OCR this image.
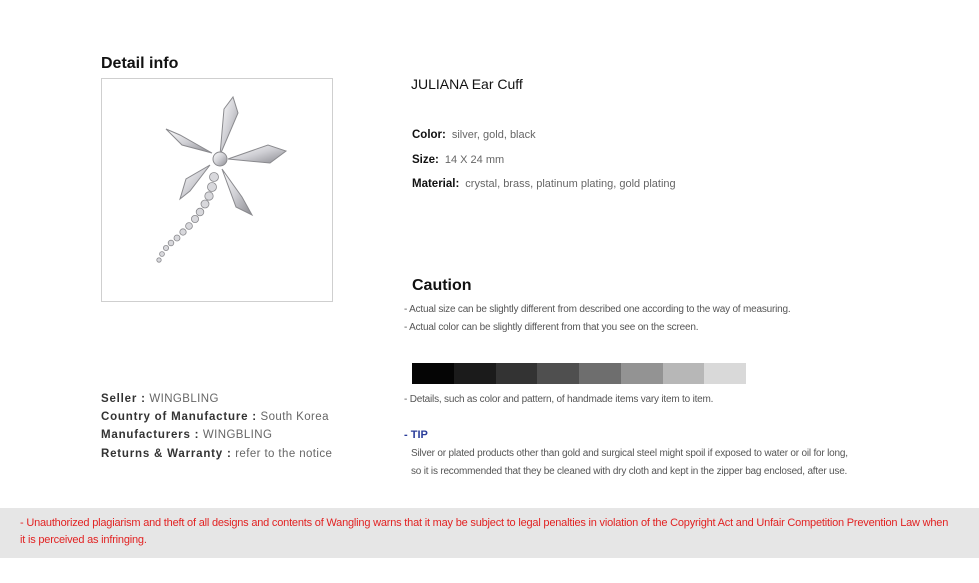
Detail info
JULIANA Ear Cuff
Color: silver, gold, black
Size: 14 X 24 mm
Material: crystal, brass, platinum plating, gold plating
Caution
- Actual size can be slightly different from described one according to the way of measuring.
- Actual color can be slightly different from that you see on the screen.
- Details, such as color and pattern, of handmade items vary item to item.
- TIP
Silver or plated products other than gold and surgical steel might spoil if exposed to water or oil for long,
so it is recommended that they be cleaned with dry cloth and kept in the zipper bag enclosed, after use.
Seller : WINGBLING
Country of Manufacture : South Korea
Manufacturers : WINGBLING
Returns & Warranty : refer to the notice
- Unauthorized plagiarism and theft of all designs and contents of Wangling warns that it may be subject to legal penalties in violation of the Copyright Act and Unfair Competition Prevention Law when it is perceived as infringing.
